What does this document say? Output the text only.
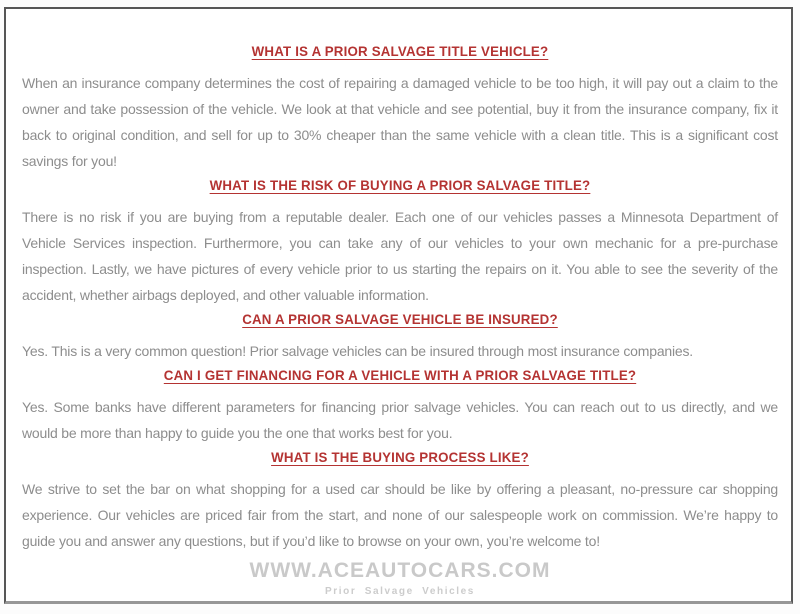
WHAT IS A PRIOR SALVAGE TITLE VEHICLE?

When an insurance company determines the cost of repairing a damaged vehicle to be too high, it will pay out a claim to the owner and take possession of the vehicle. We look at that vehicle and see potential, buy it from the insurance company, fix it back to original condition, and sell for up to 30% cheaper than the same vehicle with a clean title. This is a significant cost savings for you!

WHAT IS THE RISK OF BUYING A PRIOR SALVAGE TITLE?

There is no risk if you are buying from a reputable dealer. Each one of our vehicles passes a Minnesota Department of Vehicle Services inspection. Furthermore, you can take any of our vehicles to your own mechanic for a pre-purchase inspection. Lastly, we have pictures of every vehicle prior to us starting the repairs on it. You able to see the severity of the accident, whether airbags deployed, and other valuable information.

CAN A PRIOR SALVAGE VEHICLE BE INSURED?

Yes. This is a very common question! Prior salvage vehicles can be insured through most insurance companies.

CAN I GET FINANCING FOR A VEHICLE WITH A PRIOR SALVAGE TITLE?

Yes. Some banks have different parameters for financing prior salvage vehicles. You can reach out to us directly, and we would be more than happy to guide you the one that works best for you.

WHAT IS THE BUYING PROCESS LIKE?

We strive to set the bar on what shopping for a used car should be like by offering a pleasant, no-pressure car shopping experience. Our vehicles are priced fair from the start, and none of our salespeople work on commission. We’re happy to guide you and answer any questions, but if you’d like to browse on your own, you’re welcome to!

WWW.ACEAUTOCARS.COM
Prior Salvage Vehicles
